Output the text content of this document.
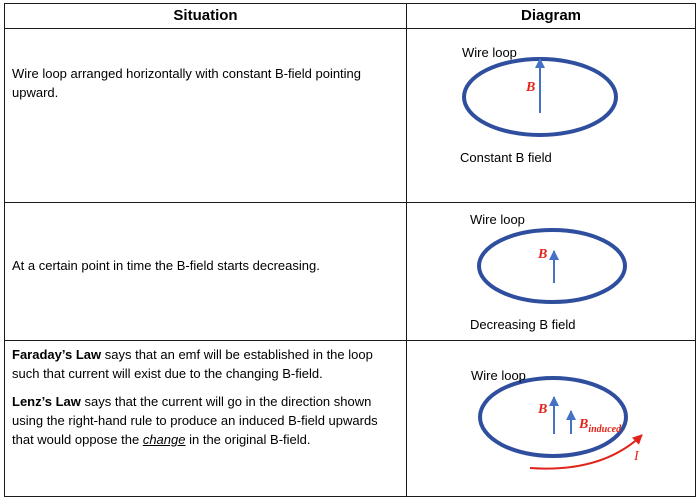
Situation	Diagram

Wire loop arranged horizontally with constant B-field pointing upward.

Wire loop
B
Constant B field

At a certain point in time the B-field starts decreasing.

Wire loop
B
Decreasing B field

Faraday’s Law says that an emf will be established in the loop such that current will exist due to the changing B-field.

Lenz’s Law says that the current will go in the direction shown using the right-hand rule to produce an induced B-field upwards that would oppose the change in the original B-field.

Wire loop
B
$B_{induced}$
I
